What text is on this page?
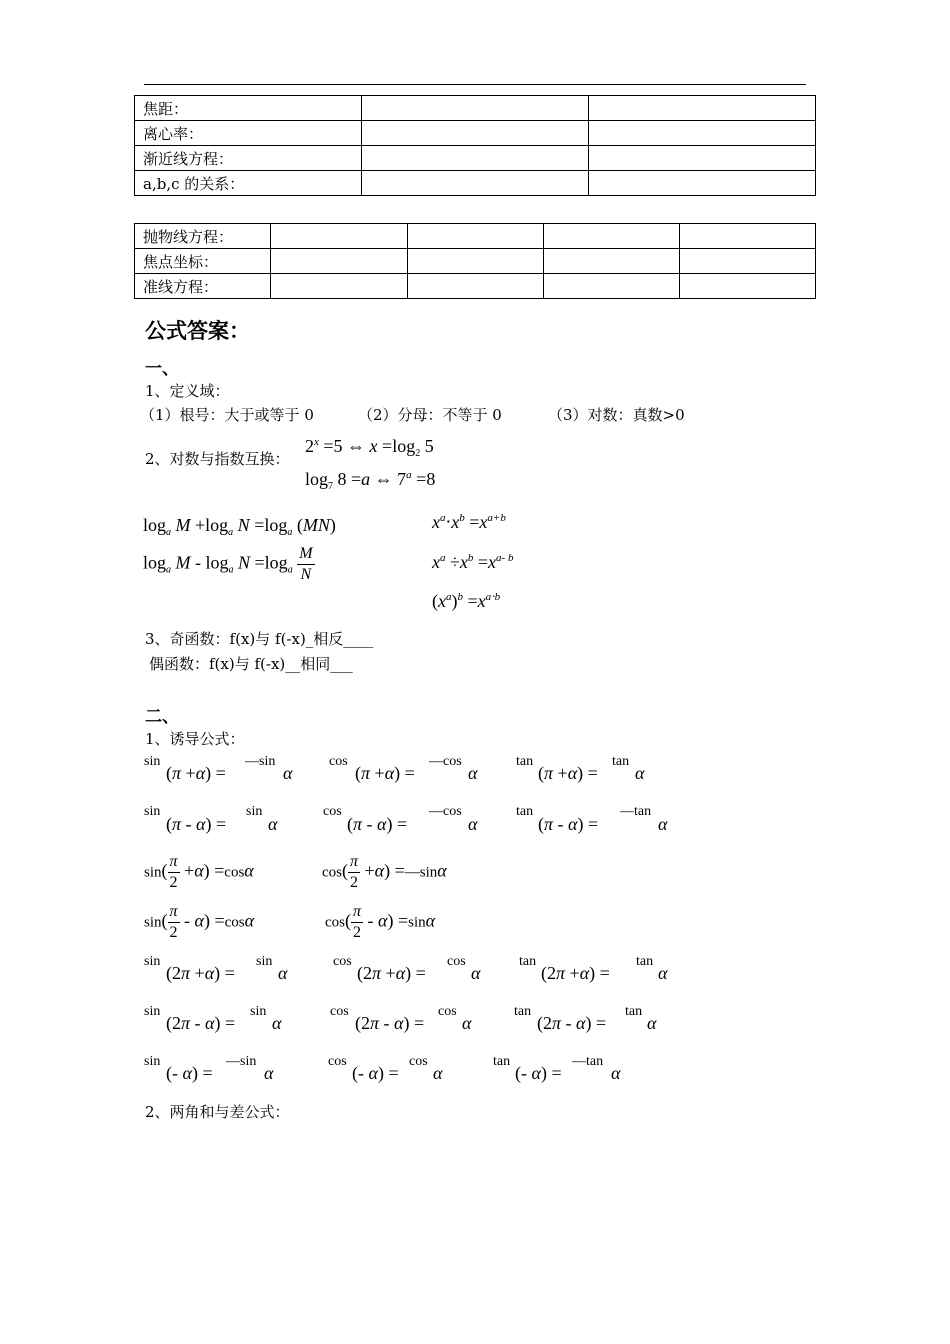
焦距：		
离心率：		
渐近线方程：		
a,b,c 的关系：		
抛物线方程：				
焦点坐标：				
准线方程：				
公式答案：
一、
1、定义域：
（1）根号：大于或等于 0	（2）分母：不等于 0	（3）对数：真数>0
2、对数与指数互换：
$2^x =5$ ⇔ $x =\log_2$ 5
$\log_7 8 =a$ ⇔ $7^a =8$
$\log_a M +\log_a$ $N =\log_a$ (MN)
$\log_a M - \log_a N =\log_a \frac{M}{N}$
$x^a\cdot x^b =x^{a+b}$
$x^a \div x^b =x^{a- b}$
$(x^a)^b =x^{a\cdot b}$
3、奇函数：f(x)与 f(-x)_相反____
偶函数：f(x)与 f(-x)__相同___
二、
1、诱导公式：
sin
(π +α) =
—sin
α
cos
(π +α) =
—cos
α
tan
(π +α) =
tan
α
sin
(π - α) =
sin
α
cos
(π - α) =
—cos
α
tan
(π - α) =
—tan
α
$\sin( \frac{\pi}{2} +\alpha) =\cos\alpha$	$\cos( \frac{\pi}{2} +\alpha)$ =—sinα
$\sin( \frac{\pi}{2} - \alpha) =\cos\alpha$	$\cos( \frac{\pi}{2} - \alpha) =\sin\alpha$
sin
(2π +α) =
sin
α
cos
(2π +α) =
cos
α
tan
(2π +α) =
tan
α
sin
(2π - α) =
sin
α
cos
(2π - α) =
cos
α
tan
(2π - α) =
tan
α
sin
(- α) =
—sin
α
cos
(- α) =
cos
α
tan
(- α) =
—tan
α
2、两角和与差公式：
